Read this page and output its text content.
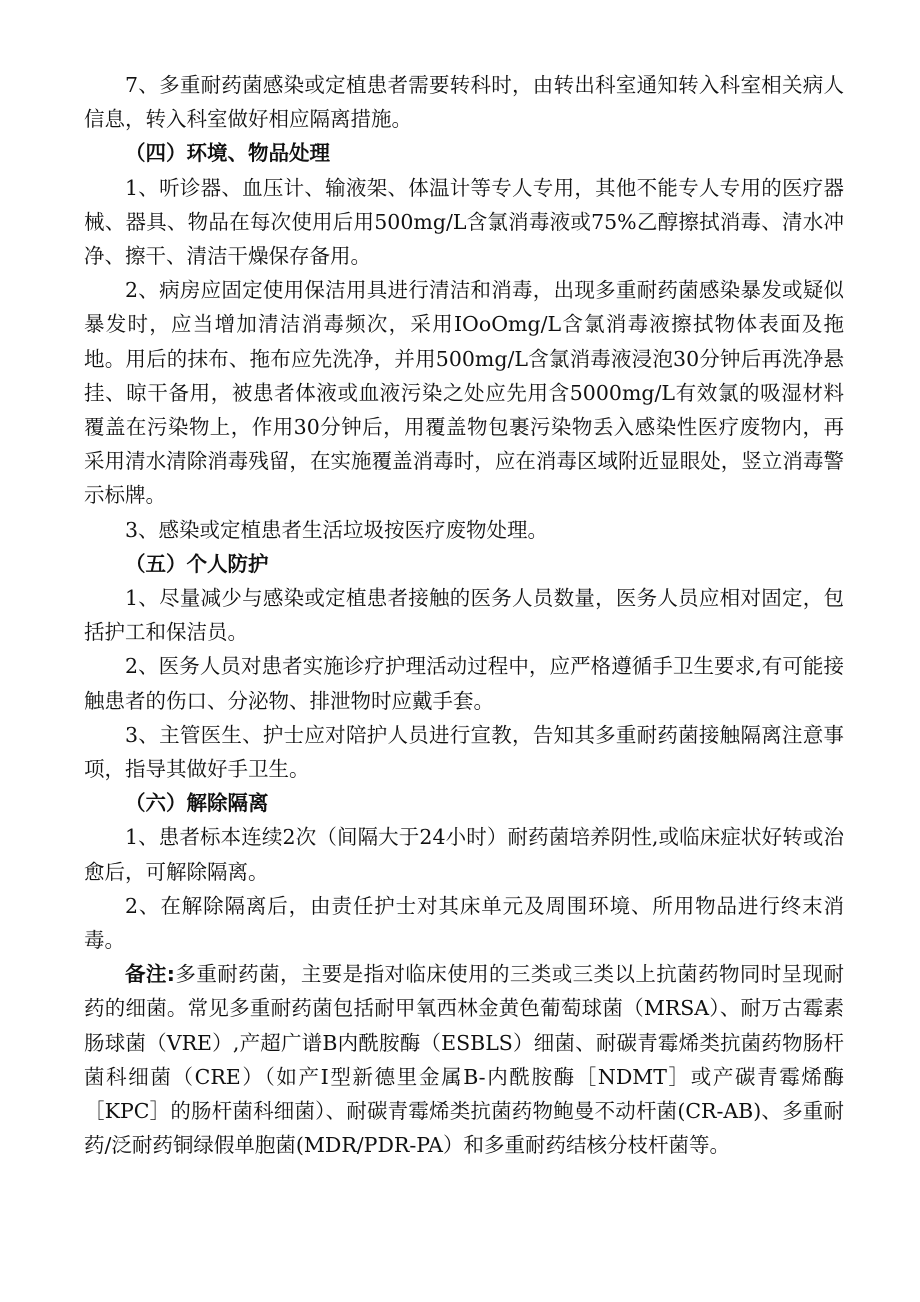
7、多重耐药菌感染或定植患者需要转科时，由转出科室通知转入科室相关病人信息，转入科室做好相应隔离措施。

（四）环境、物品处理

1、听诊器、血压计、输液架、体温计等专人专用，其他不能专人专用的医疗器械、器具、物品在每次使用后用500mg/L含氯消毒液或75%乙醇擦拭消毒、清水冲净、擦干、清洁干燥保存备用。

2、病房应固定使用保洁用具进行清洁和消毒，出现多重耐药菌感染暴发或疑似暴发时，应当增加清洁消毒频次，采用IOoOmg/L含氯消毒液擦拭物体表面及拖地。用后的抹布、拖布应先洗净，并用500mg/L含氯消毒液浸泡30分钟后再洗净悬挂、晾干备用，被患者体液或血液污染之处应先用含5000mg/L有效氯的吸湿材料覆盖在污染物上，作用30分钟后，用覆盖物包裹污染物丢入感染性医疗废物内，再采用清水清除消毒残留，在实施覆盖消毒时，应在消毒区域附近显眼处，竖立消毒警示标牌。

3、感染或定植患者生活垃圾按医疗废物处理。

（五）个人防护

1、尽量减少与感染或定植患者接触的医务人员数量，医务人员应相对固定，包括护工和保洁员。

2、医务人员对患者实施诊疗护理活动过程中，应严格遵循手卫生要求,有可能接触患者的伤口、分泌物、排泄物时应戴手套。

3、主管医生、护士应对陪护人员进行宣教，告知其多重耐药菌接触隔离注意事项，指导其做好手卫生。

（六）解除隔离

1、患者标本连续2次（间隔大于24小时）耐药菌培养阴性,或临床症状好转或治愈后，可解除隔离。

2、在解除隔离后，由责任护士对其床单元及周围环境、所用物品进行终末消毒。

备注:多重耐药菌，主要是指对临床使用的三类或三类以上抗菌药物同时呈现耐药的细菌。常见多重耐药菌包括耐甲氧西林金黄色葡萄球菌（MRSA）、耐万古霉素肠球菌（VRE）,产超广谱B内酰胺酶（ESBLS）细菌、耐碳青霉烯类抗菌药物肠杆菌科细菌（CRE）（如产I型新德里金属B-内酰胺酶［NDMT］或产碳青霉烯酶［KPC］的肠杆菌科细菌）、耐碳青霉烯类抗菌药物鲍曼不动杆菌(CR-AB)、多重耐药/泛耐药铜绿假单胞菌(MDR/PDR-PA）和多重耐药结核分枝杆菌等。
